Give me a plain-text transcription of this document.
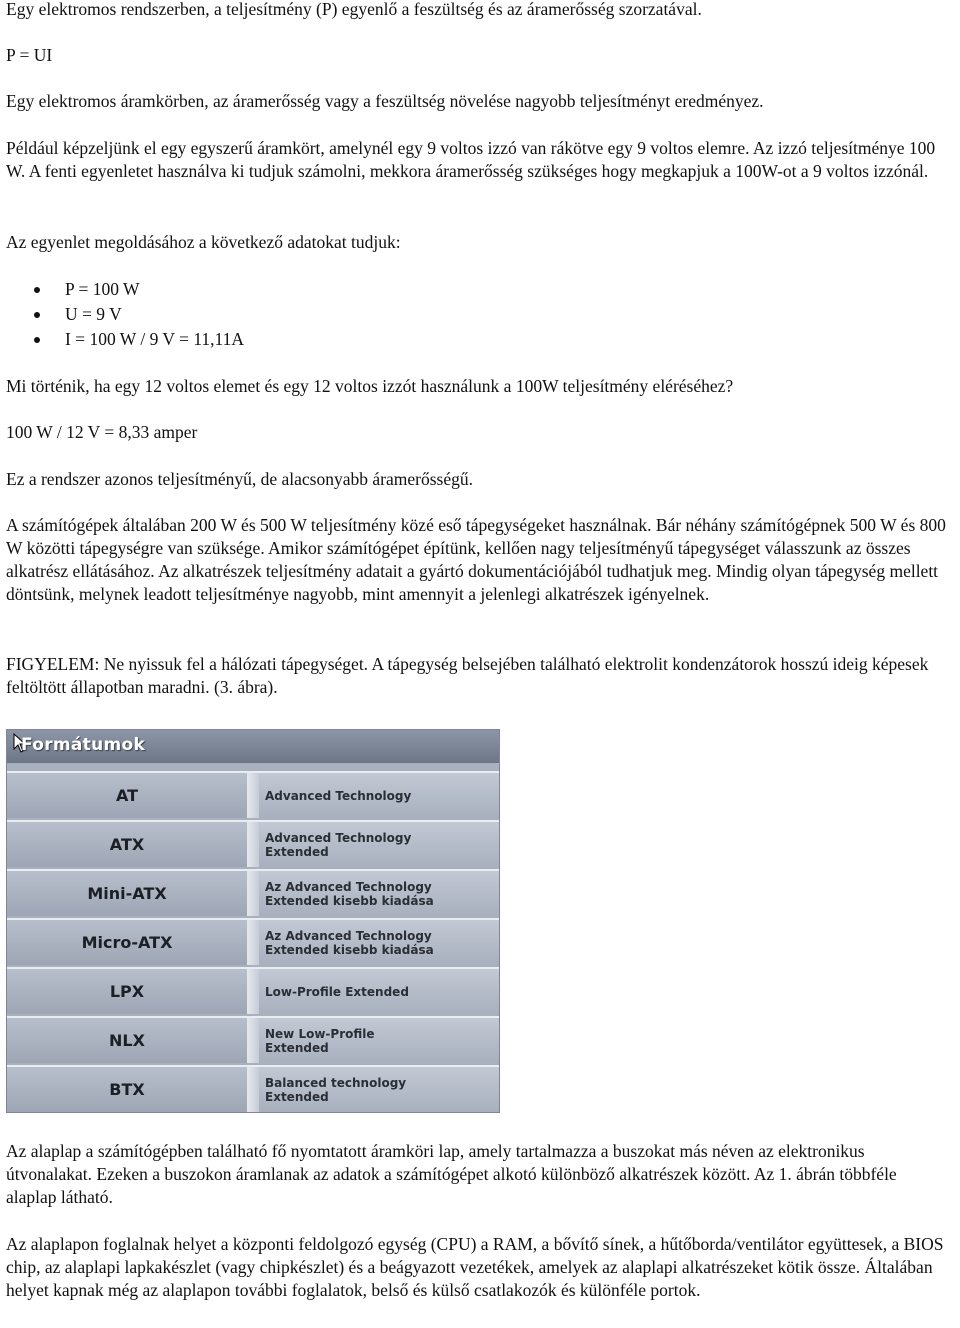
Egy elektromos rendszerben, a teljesítmény (P) egyenlő a feszültség és az áramerősség szorzatával.

P = UI

Egy elektromos áramkörben, az áramerősség vagy a feszültség növelése nagyobb teljesítményt eredményez.

Például képzeljünk el egy egyszerű áramkört, amelynél egy 9 voltos izzó van rákötve egy 9 voltos elemre. Az izzó teljesítménye 100 W. A fenti egyenletet használva ki tudjuk számolni, mekkora áramerősség szükséges hogy megkapjuk a 100W-ot a 9 voltos izzónál.

Az egyenlet megoldásához a következő adatokat tudjuk:

P = 100 W
U = 9 V
I = 100 W / 9 V = 11,11A

Mi történik, ha egy 12 voltos elemet és egy 12 voltos izzót használunk a 100W teljesítmény eléréséhez?

100 W / 12 V = 8,33 amper

Ez a rendszer azonos teljesítményű, de alacsonyabb áramerősségű.

A számítógépek általában 200 W és 500 W teljesítmény közé eső tápegységeket használnak. Bár néhány számítógépnek 500 W és 800 W közötti tápegységre van szüksége. Amikor számítógépet építünk, kellően nagy teljesítményű tápegységet válasszunk az összes alkatrész ellátásához. Az alkatrészek teljesítmény adatait a gyártó dokumentációjából tudhatjuk meg. Mindig olyan tápegység mellett döntsünk, melynek leadott teljesítménye nagyobb, mint amennyit a jelenlegi alkatrészek igényelnek.

FIGYELEM: Ne nyissuk fel a hálózati tápegységet. A tápegység belsejében található elektrolit kondenzátorok hosszú ideig képesek feltöltött állapotban maradni. (3. ábra).

Formátumok
AT	Advanced Technology
ATX	Advanced Technology
Extended
Mini-ATX	Az Advanced Technology
Extended kisebb kiadása
Micro-ATX	Az Advanced Technology
Extended kisebb kiadása
LPX	Low-Profile Extended
NLX	New Low-Profile
Extended
BTX	Balanced technology
Extended

Az alaplap a számítógépben található fő nyomtatott áramköri lap, amely tartalmazza a buszokat más néven az elektronikus útvonalakat. Ezeken a buszokon áramlanak az adatok a számítógépet alkotó különböző alkatrészek között. Az 1. ábrán többféle alaplap látható.

Az alaplapon foglalnak helyet a központi feldolgozó egység (CPU) a RAM, a bővítő sínek, a hűtőborda/ventilátor együttesek, a BIOS chip, az alaplapi lapkakészlet (vagy chipkészlet) és a beágyazott vezetékek, amelyek az alaplapi alkatrészeket kötik össze. Általában helyet kapnak még az alaplapon további foglalatok, belső és külső csatlakozók és különféle portok.
